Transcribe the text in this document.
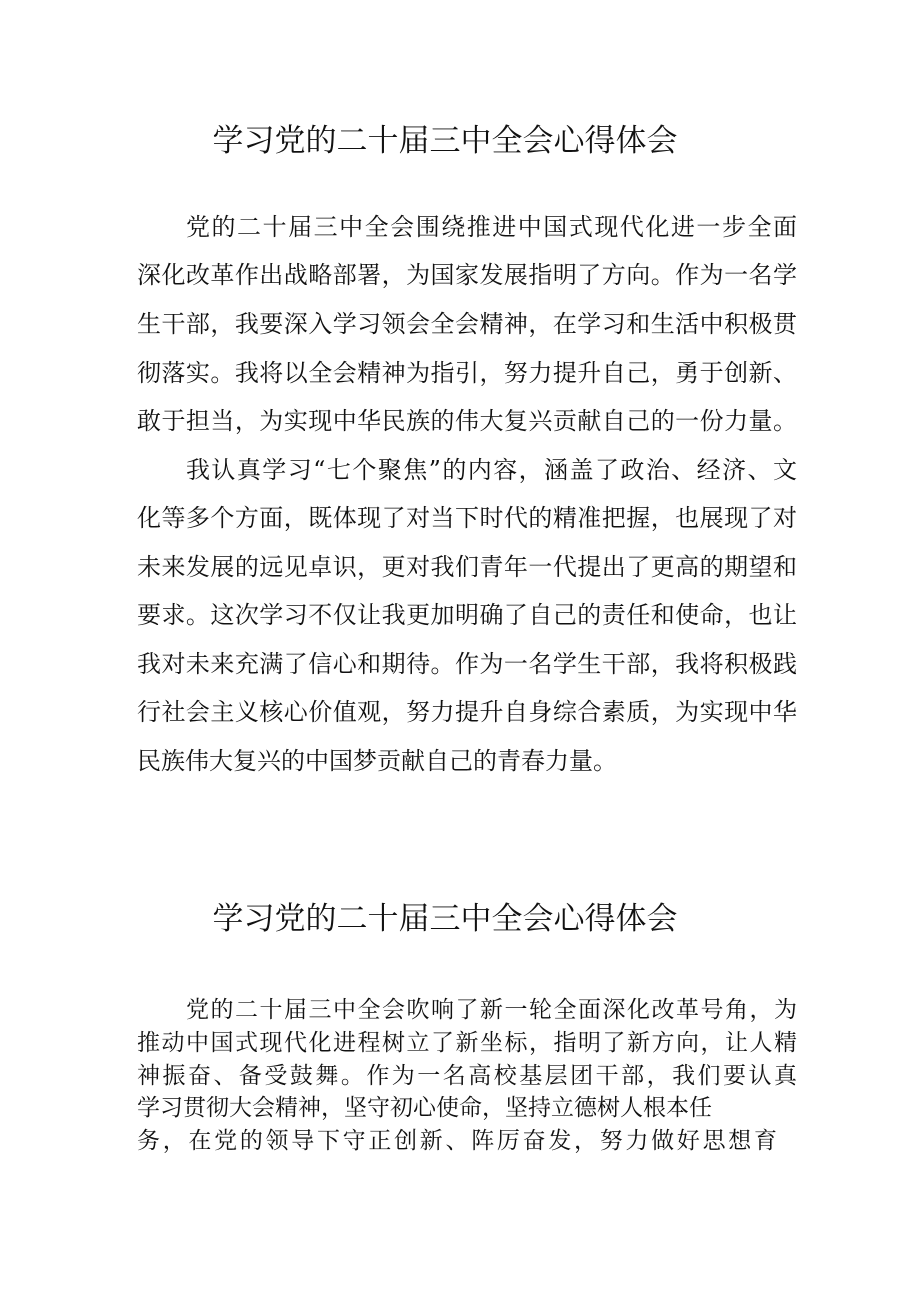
学习党的二十届三中全会心得体会

党的二十届三中全会围绕推进中国式现代化进一步全面

深化改革作出战略部署，为国家发展指明了方向。作为一名学

生干部，我要深入学习领会全会精神，在学习和生活中积极贯

彻落实。我将以全会精神为指引，努力提升自己，勇于创新、

敢于担当，为实现中华民族的伟大复兴贡献自己的一份力量。

我认真学习“七个聚焦”的内容，涵盖了政治、经济、文

化等多个方面，既体现了对当下时代的精准把握，也展现了对

未来发展的远见卓识，更对我们青年一代提出了更高的期望和

要求。这次学习不仅让我更加明确了自己的责任和使命，也让

我对未来充满了信心和期待。作为一名学生干部，我将积极践

行社会主义核心价值观，努力提升自身综合素质，为实现中华

民族伟大复兴的中国梦贡献自己的青春力量。

学习党的二十届三中全会心得体会

党的二十届三中全会吹响了新一轮全面深化改革号角，为

推动中国式现代化进程树立了新坐标，指明了新方向，让人精

神振奋、备受鼓舞。作为一名高校基层团干部，我们要认真

学习贯彻大会精神，坚守初心使命，坚持立德树人根本任

务，在党的领导下守正创新、阵厉奋发，努力做好思想育
